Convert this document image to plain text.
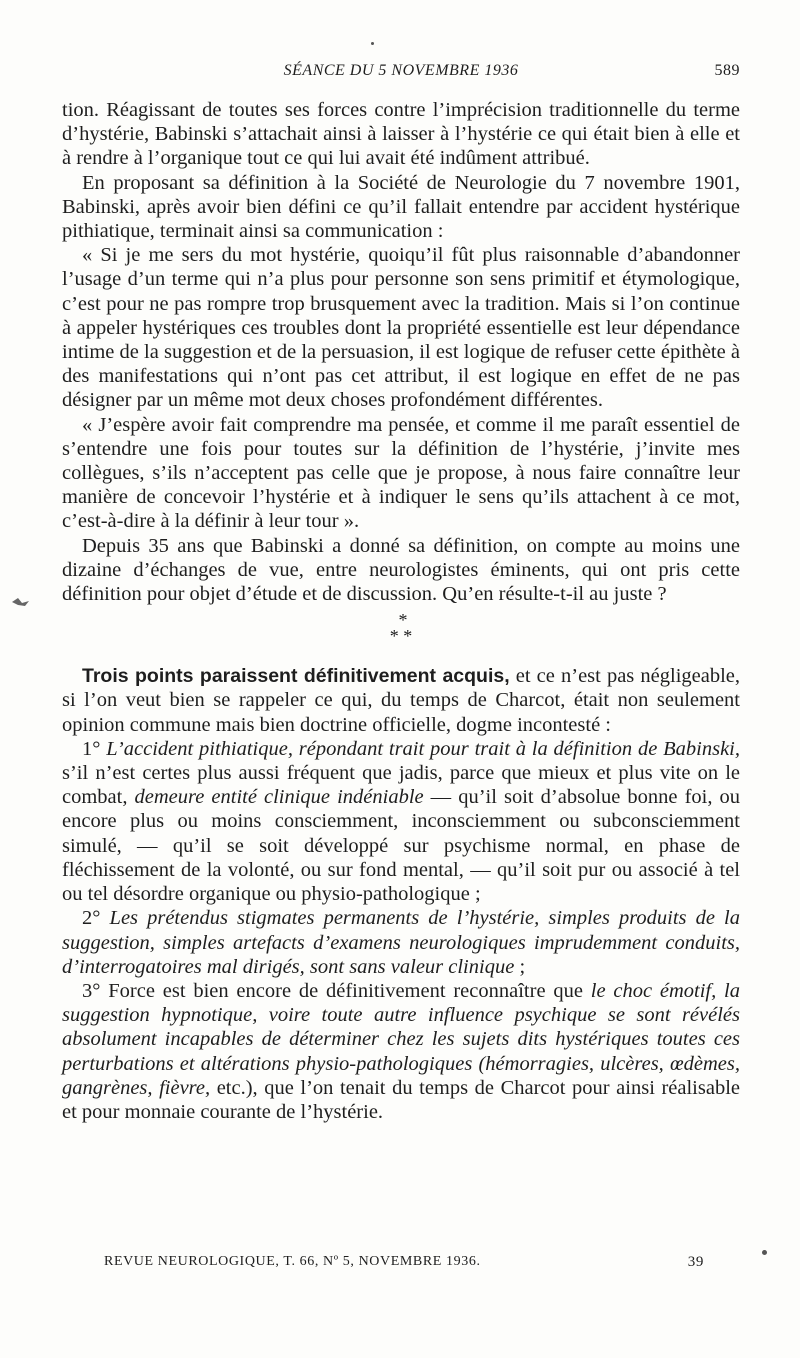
SÉANCE DU 5 NOVEMBRE 1936	589

tion. Réagissant de toutes ses forces contre l’imprécision traditionnelle du terme d’hystérie, Babinski s’attachait ainsi à laisser à l’hystérie ce qui était bien à elle et à rendre à l’organique tout ce qui lui avait été indûment attribué.

En proposant sa définition à la Société de Neurologie du 7 novembre 1901, Babinski, après avoir bien défini ce qu’il fallait entendre par accident hystérique pithiatique, terminait ainsi sa communication :

« Si je me sers du mot hystérie, quoiqu’il fût plus raisonnable d’abandonner l’usage d’un terme qui n’a plus pour personne son sens primitif et étymologique, c’est pour ne pas rompre trop brusquement avec la tradition. Mais si l’on continue à appeler hystériques ces troubles dont la propriété essentielle est leur dépendance intime de la suggestion et de la persuasion, il est logique de refuser cette épithète à des manifestations qui n’ont pas cet attribut, il est logique en effet de ne pas désigner par un même mot deux choses profondément différentes.

« J’espère avoir fait comprendre ma pensée, et comme il me paraît essentiel de s’entendre une fois pour toutes sur la définition de l’hystérie, j’invite mes collègues, s’ils n’acceptent pas celle que je propose, à nous faire connaître leur manière de concevoir l’hystérie et à indiquer le sens qu’ils attachent à ce mot, c’est-à-dire à la définir à leur tour ».

Depuis 35 ans que Babinski a donné sa définition, on compte au moins une dizaine d’échanges de vue, entre neurologistes éminents, qui ont pris cette définition pour objet d’étude et de discussion. Qu’en résulte-t-il au juste ?

*
* *

Trois points paraissent définitivement acquis, et ce n’est pas négligeable, si l’on veut bien se rappeler ce qui, du temps de Charcot, était non seulement opinion commune mais bien doctrine officielle, dogme incontesté :

1° L’accident pithiatique, répondant trait pour trait à la définition de Babinski, s’il n’est certes plus aussi fréquent que jadis, parce que mieux et plus vite on le combat, demeure entité clinique indéniable — qu’il soit d’absolue bonne foi, ou encore plus ou moins consciemment, inconsciemment ou subconsciemment simulé, — qu’il se soit développé sur psychisme normal, en phase de fléchissement de la volonté, ou sur fond mental, — qu’il soit pur ou associé à tel ou tel désordre organique ou physio-pathologique ;

2° Les prétendus stigmates permanents de l’hystérie, simples produits de la suggestion, simples artefacts d’examens neurologiques imprudemment conduits, d’interrogatoires mal dirigés, sont sans valeur clinique ;

3° Force est bien encore de définitivement reconnaître que le choc émotif, la suggestion hypnotique, voire toute autre influence psychique se sont révélés absolument incapables de déterminer chez les sujets dits hystériques toutes ces perturbations et altérations physio-pathologiques (hémorragies, ulcères, œdèmes, gangrènes, fièvre, etc.), que l’on tenait du temps de Charcot pour ainsi réalisable et pour monnaie courante de l’hystérie.

REVUE NEUROLOGIQUE, T. 66, Nº 5, NOVEMBRE 1936.	39
